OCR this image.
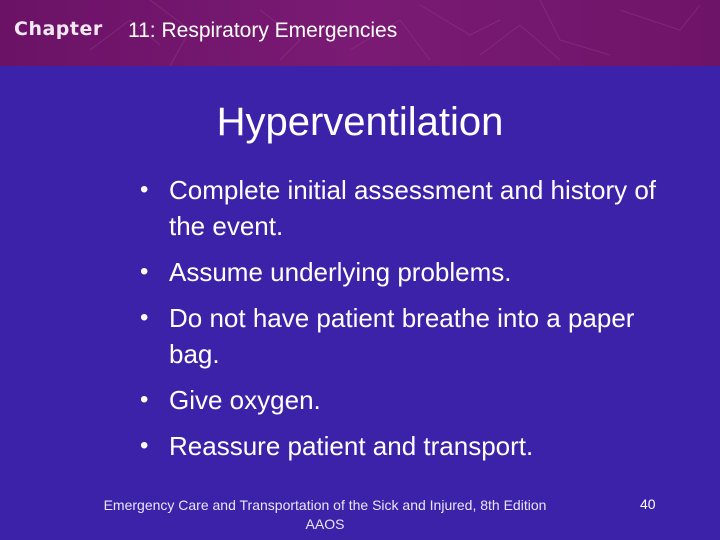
Chapter 11: Respiratory Emergencies
Hyperventilation
• Complete initial assessment and history of the event.
• Assume underlying problems.
• Do not have patient breathe into a paper bag.
• Give oxygen.
• Reassure patient and transport.
Emergency Care and Transportation of the Sick and Injured, 8th Edition
AAOS
40
